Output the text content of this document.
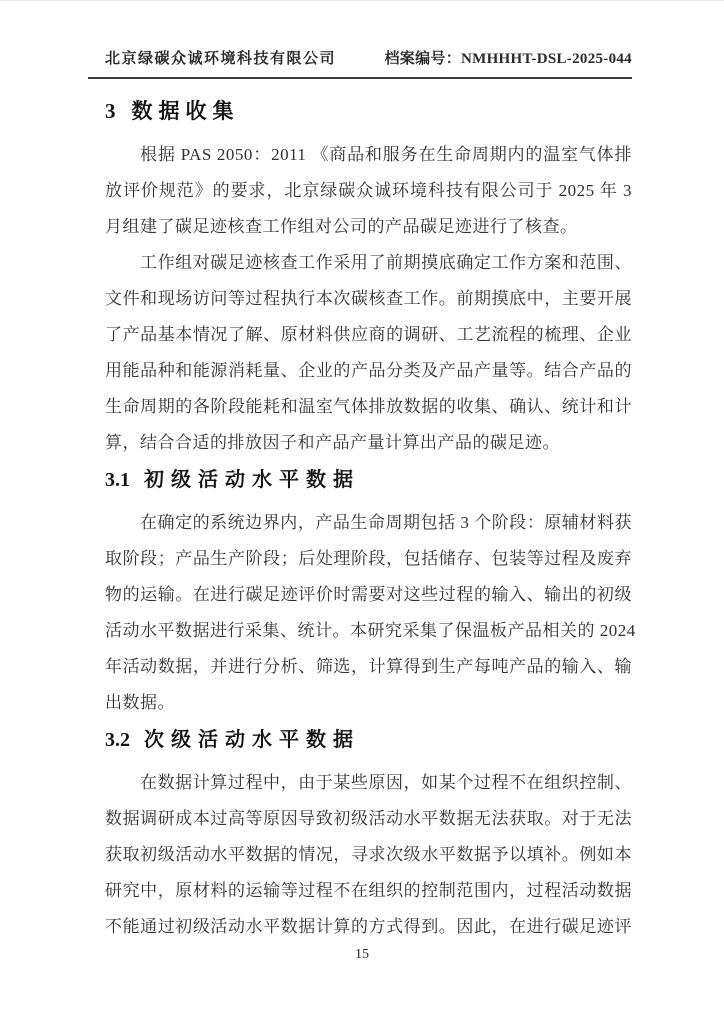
北京绿碳众诚环境科技有限公司	档案编号：NMHHHT-DSL-2025-044
3 数据收集
根据 PAS 2050：2011 《商品和服务在生命周期内的温室气体排
放评价规范》的要求，北京绿碳众诚环境科技有限公司于 2025 年 3
月组建了碳足迹核查工作组对公司的产品碳足迹进行了核查。
工作组对碳足迹核查工作采用了前期摸底确定工作方案和范围、
文件和现场访问等过程执行本次碳核查工作。前期摸底中，主要开展
了产品基本情况了解、原材料供应商的调研、工艺流程的梳理、企业
用能品种和能源消耗量、企业的产品分类及产品产量等。结合产品的
生命周期的各阶段能耗和温室气体排放数据的收集、确认、统计和计
算，结合合适的排放因子和产品产量计算出产品的碳足迹。
3.1 初级活动水平数据
在确定的系统边界内，产品生命周期包括 3 个阶段：原辅材料获
取阶段；产品生产阶段；后处理阶段，包括储存、包装等过程及废弃
物的运输。在进行碳足迹评价时需要对这些过程的输入、输出的初级
活动水平数据进行采集、统计。本研究采集了保温板产品相关的 2024
年活动数据，并进行分析、筛选，计算得到生产每吨产品的输入、输
出数据。
3.2 次级活动水平数据
在数据计算过程中，由于某些原因，如某个过程不在组织控制、
数据调研成本过高等原因导致初级活动水平数据无法获取。对于无法
获取初级活动水平数据的情况，寻求次级水平数据予以填补。例如本
研究中，原材料的运输等过程不在组织的控制范围内，过程活动数据
不能通过初级活动水平数据计算的方式得到。因此，在进行碳足迹评
15
